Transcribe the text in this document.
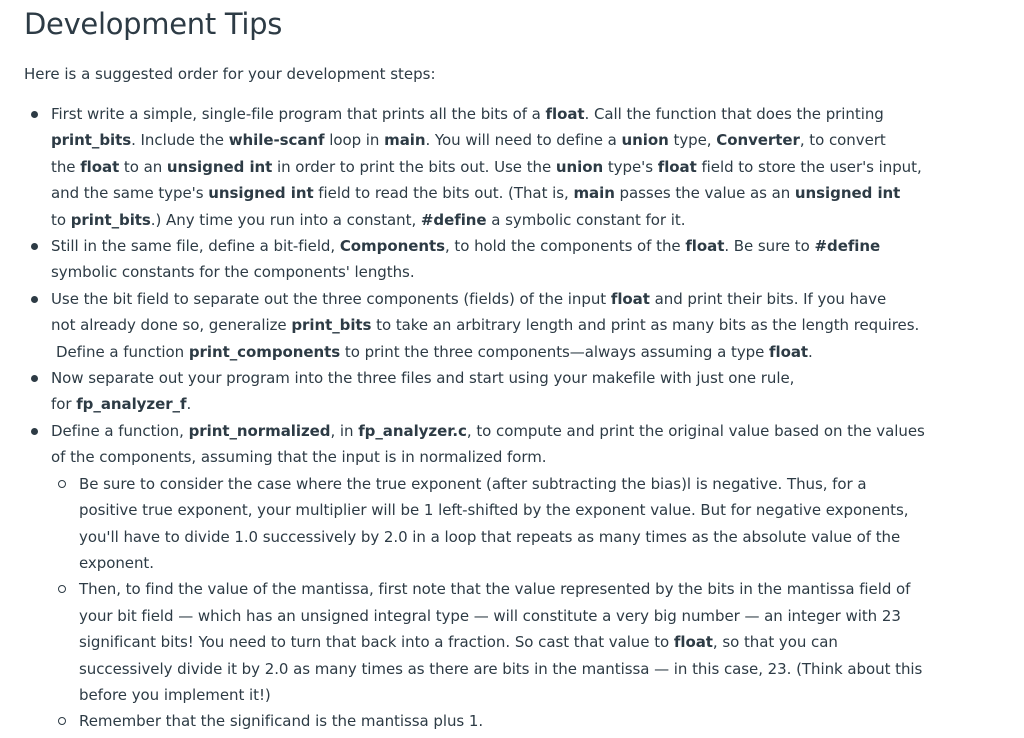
Development Tips

Here is a suggested order for your development steps:

First write a simple, single-file program that prints all the bits of a float. Call the function that does the printing
print_bits. Include the while-scanf loop in main. You will need to define a union type, Converter, to convert
the float to an unsigned int in order to print the bits out. Use the union type's float field to store the user's input,
and the same type's unsigned int field to read the bits out. (That is, main passes the value as an unsigned int
to print_bits.) Any time you run into a constant, #define a symbolic constant for it.
Still in the same file, define a bit-field, Components, to hold the components of the float. Be sure to #define
symbolic constants for the components' lengths.
Use the bit field to separate out the three components (fields) of the input float and print their bits. If you have
not already done so, generalize print_bits to take an arbitrary length and print as many bits as the length requires.
Define a function print_components to print the three components—always assuming a type float.
Now separate out your program into the three files and start using your makefile with just one rule,
for fp_analyzer_f.
Define a function, print_normalized, in fp_analyzer.c, to compute and print the original value based on the values
of the components, assuming that the input is in normalized form.
Be sure to consider the case where the true exponent (after subtracting the bias)l is negative. Thus, for a
positive true exponent, your multiplier will be 1 left-shifted by the exponent value. But for negative exponents,
you'll have to divide 1.0 successively by 2.0 in a loop that repeats as many times as the absolute value of the
exponent.
Then, to find the value of the mantissa, first note that the value represented by the bits in the mantissa field of
your bit field — which has an unsigned integral type — will constitute a very big number — an integer with 23
significant bits! You need to turn that back into a fraction. So cast that value to float, so that you can
successively divide it by 2.0 as many times as there are bits in the mantissa — in this case, 23. (Think about this
before you implement it!)
Remember that the significand is the mantissa plus 1.
